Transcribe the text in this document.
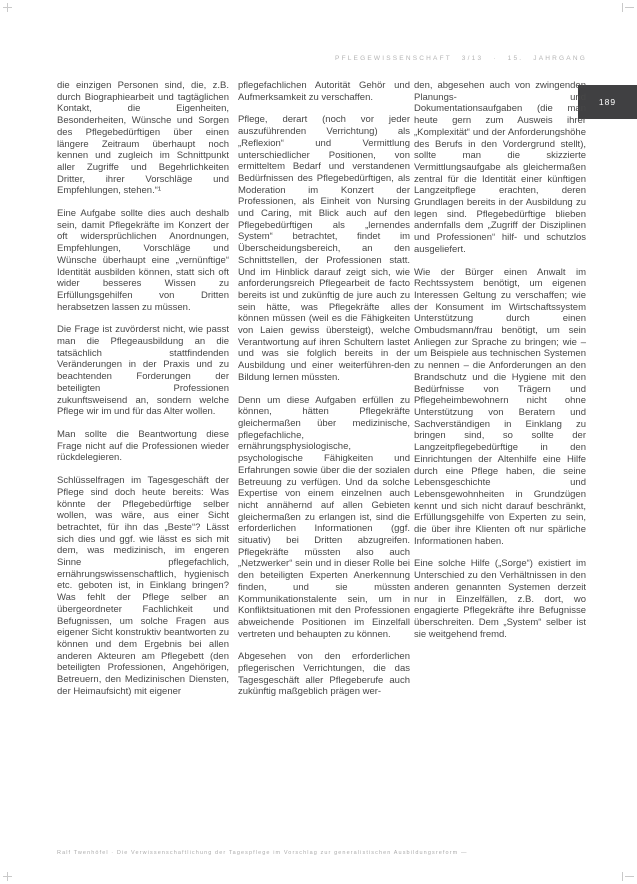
PFLEGEWISSENSCHAFT 3/13 · 15. JAHRGANG
189

die einzigen Personen sind, die, z.B. durch Biographiearbeit und tagtäglichen Kontakt, die Eigenheiten, Besonderheiten, Wünsche und Sorgen des Pflegebedürftigen über einen längere Zeitraum überhaupt noch kennen und zugleich im Schnittpunkt aller Zugriffe und Begehrlichkeiten Dritter, ihrer Vorschläge und Empfehlungen, stehen.“¹

Eine Aufgabe sollte dies auch deshalb sein, damit Pflegekräfte im Konzert der oft widersprüchlichen Anordnungen, Empfehlungen, Vorschläge und Wünsche überhaupt eine „vernünftige“ Identität ausbilden können, statt sich oft wider besseres Wissen zu Erfüllungsgehilfen von Dritten herabsetzen lassen zu müssen.

Die Frage ist zuvörderst nicht, wie passt man die Pflegeausbildung an die tatsächlich stattfindenden Veränderungen in der Praxis und zu beachtenden Forderungen der beteiligten Professionen zukunftsweisend an, sondern welche Pflege wir im und für das Alter wollen.

Man sollte die Beantwortung diese Frage nicht auf die Professionen wieder rückdelegieren.

Schlüsselfragen im Tagesgeschäft der Pflege sind doch heute bereits: Was könnte der Pflegebedürftige selber wollen, was wäre, aus einer Sicht betrachtet, für ihn das „Beste“? Lässt sich dies und ggf. wie lässt es sich mit dem, was medizinisch, im engeren Sinne pflegefachlich, ernährungswissenschaftlich, hygienisch etc. geboten ist, in Einklang bringen? Was fehlt der Pflege selber an übergeordneter Fachlichkeit und Befugnissen, um solche Fragen aus eigener Sicht konstruktiv beantworten zu können und dem Ergebnis bei allen anderen Akteuren am Pflegebett (den beteiligten Professionen, Angehörigen, Betreuern, den Medizinischen Diensten, der Heimaufsicht) mit eigener

pflegefachlichen Autorität Gehör und Aufmerksamkeit zu verschaffen.

Pflege, derart (noch vor jeder auszuführenden Verrichtung) als „Reflexion“ und Vermittlung unterschiedlicher Positionen, von ermitteltem Bedarf und verstandenen Bedürfnissen des Pflegebedürftigen, als Moderation im Konzert der Professionen, als Einheit von Nursing und Caring, mit Blick auch auf den Pflegebedürftigen als „lernendes System“ betrachtet, findet im Überscheidungsbereich, an den Schnittstellen, der Professionen statt. Und im Hinblick darauf zeigt sich, wie anforderungsreich Pflegearbeit de facto bereits ist und zukünftig de jure auch zu sein hätte, was Pflegekräfte alles können müssen (weil es die Fähigkeiten von Laien gewiss übersteigt), welche Verantwortung auf ihren Schultern lastet und was sie folglich bereits in der Ausbildung und einer weiterführen-den Bildung lernen müssten.

Denn um diese Aufgaben erfüllen zu können, hätten Pflegekräfte gleichermaßen über medizinische, pflegefachliche, ernährungsphysiologische, psychologische Fähigkeiten und Erfahrungen sowie über die der sozialen Betreuung zu verfügen. Und da solche Expertise von einem einzelnen auch nicht annähernd auf allen Gebieten gleichermaßen zu erlangen ist, sind die erforderlichen Informationen (ggf. situativ) bei Dritten abzugreifen. Pflegekräfte müssten also auch „Netzwerker“ sein und in dieser Rolle bei den beteiligten Experten Anerkennung finden, und sie müssten Kommunikationstalente sein, um in Konfliktsituationen mit den Professionen abweichende Positionen im Einzelfall vertreten und behaupten zu können.

Abgesehen von den erforderlichen pflegerischen Verrichtungen, die das Tagesgeschäft aller Pflegeberufe auch zukünftig maßgeblich prägen wer-

den, abgesehen auch von zwingenden Planungs- und Dokumentationsaufgaben (die man heute gern zum Ausweis ihrer „Komplexität“ und der Anforderungshöhe des Berufs in den Vordergrund stellt), sollte man die skizzierte Vermittlungsaufgabe als gleichermaßen zentral für die Identität einer künftigen Langzeitpflege erachten, deren Grundlagen bereits in der Ausbildung zu legen sind. Pflegebedürftige blieben andernfalls dem „Zugriff der Disziplinen und Professionen“ hilf- und schutzlos ausgeliefert.

Wie der Bürger einen Anwalt im Rechtssystem benötigt, um eigenen Interessen Geltung zu verschaffen; wie der Konsument im Wirtschaftssystem Unterstützung durch einen Ombudsmann/frau benötigt, um sein Anliegen zur Sprache zu bringen; wie – um Beispiele aus technischen Systemen zu nennen – die Anforderungen an den Brandschutz und die Hygiene mit den Bedürfnisse von Trägern und Pflegeheimbewohnern nicht ohne Unterstützung von Beratern und Sachverständigen in Einklang zu bringen sind, so sollte der Langzeitpflegebedürftige in den Einrichtungen der Altenhilfe eine Hilfe durch eine Pflege haben, die seine Lebensgeschichte und Lebensgewohnheiten in Grundzügen kennt und sich nicht darauf beschränkt, Erfüllungsgehilfe von Experten zu sein, die über ihre Klienten oft nur spärliche Informationen haben.

Eine solche Hilfe („Sorge“) existiert im Unterschied zu den Verhältnissen in den anderen genannten Systemen derzeit nur in Einzelfällen, z.B. dort, wo engagierte Pflegekräfte ihre Befugnisse überschreiten. Dem „System“ selber ist sie weitgehend fremd.

Ralf Twenhöfel · Die Verwissenschaftlichung der Tagespflege im Vorschlag zur generalistischen Ausbildungsreform —
